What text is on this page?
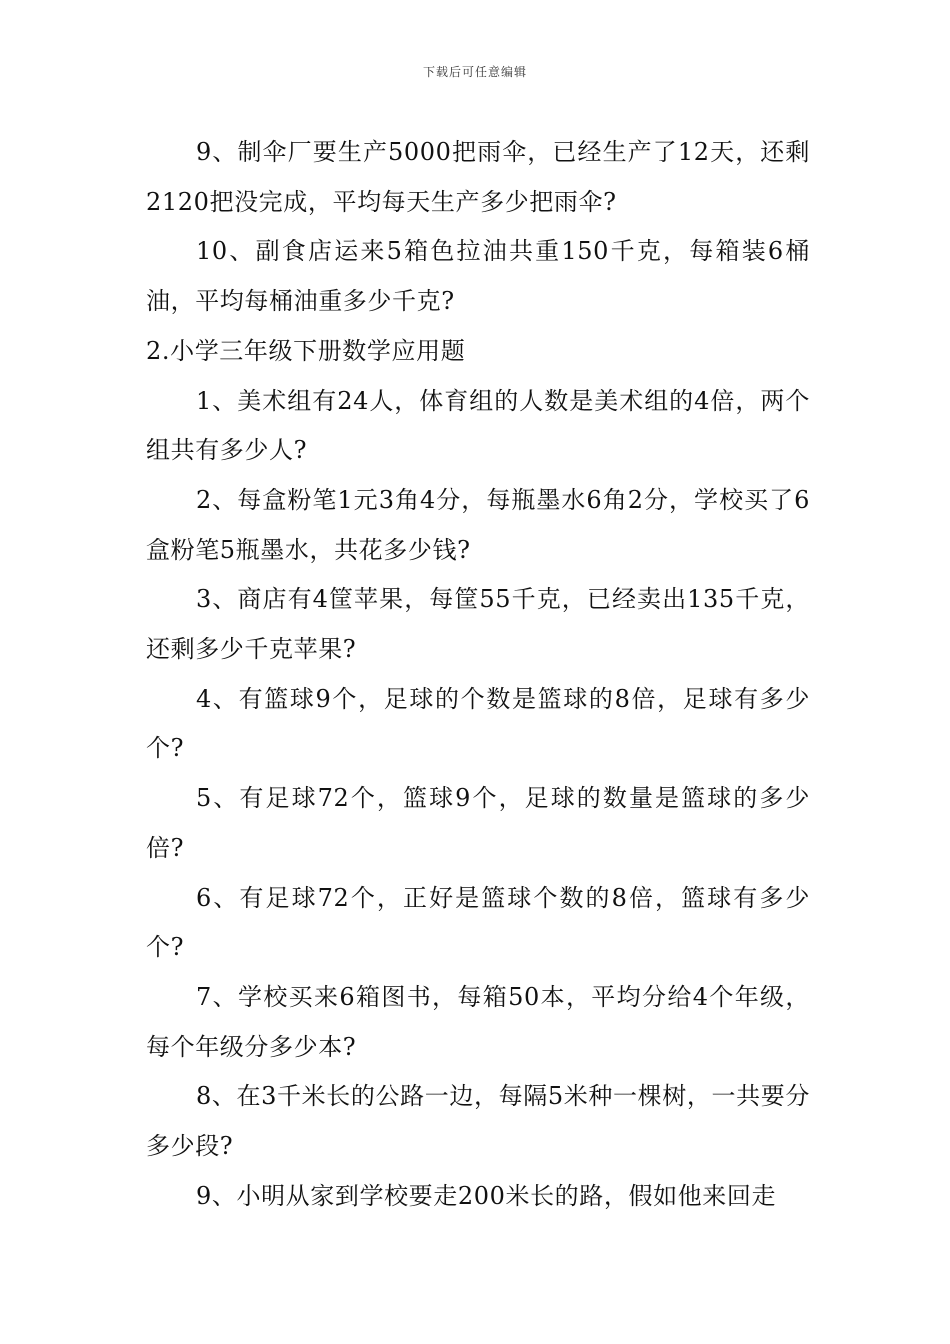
下载后可任意编辑

9、制伞厂要生产5000把雨伞，已经生产了12天，还剩2120把没完成，平均每天生产多少把雨伞?

10、副食店运来5箱色拉油共重150千克，每箱装6桶油，平均每桶油重多少千克?

2.小学三年级下册数学应用题

1、美术组有24人，体育组的人数是美术组的4倍，两个组共有多少人?

2、每盒粉笔1元3角4分，每瓶墨水6角2分，学校买了6盒粉笔5瓶墨水，共花多少钱?

3、商店有4筐苹果，每筐55千克，已经卖出135千克，还剩多少千克苹果?

4、有篮球9个，足球的个数是篮球的8倍，足球有多少个?

5、有足球72个，篮球9个，足球的数量是篮球的多少倍?

6、有足球72个，正好是篮球个数的8倍，篮球有多少个?

7、学校买来6箱图书，每箱50本，平均分给4个年级，每个年级分多少本?

8、在3千米长的公路一边，每隔5米种一棵树，一共要分多少段?

9、小明从家到学校要走200米长的路，假如他来回走
